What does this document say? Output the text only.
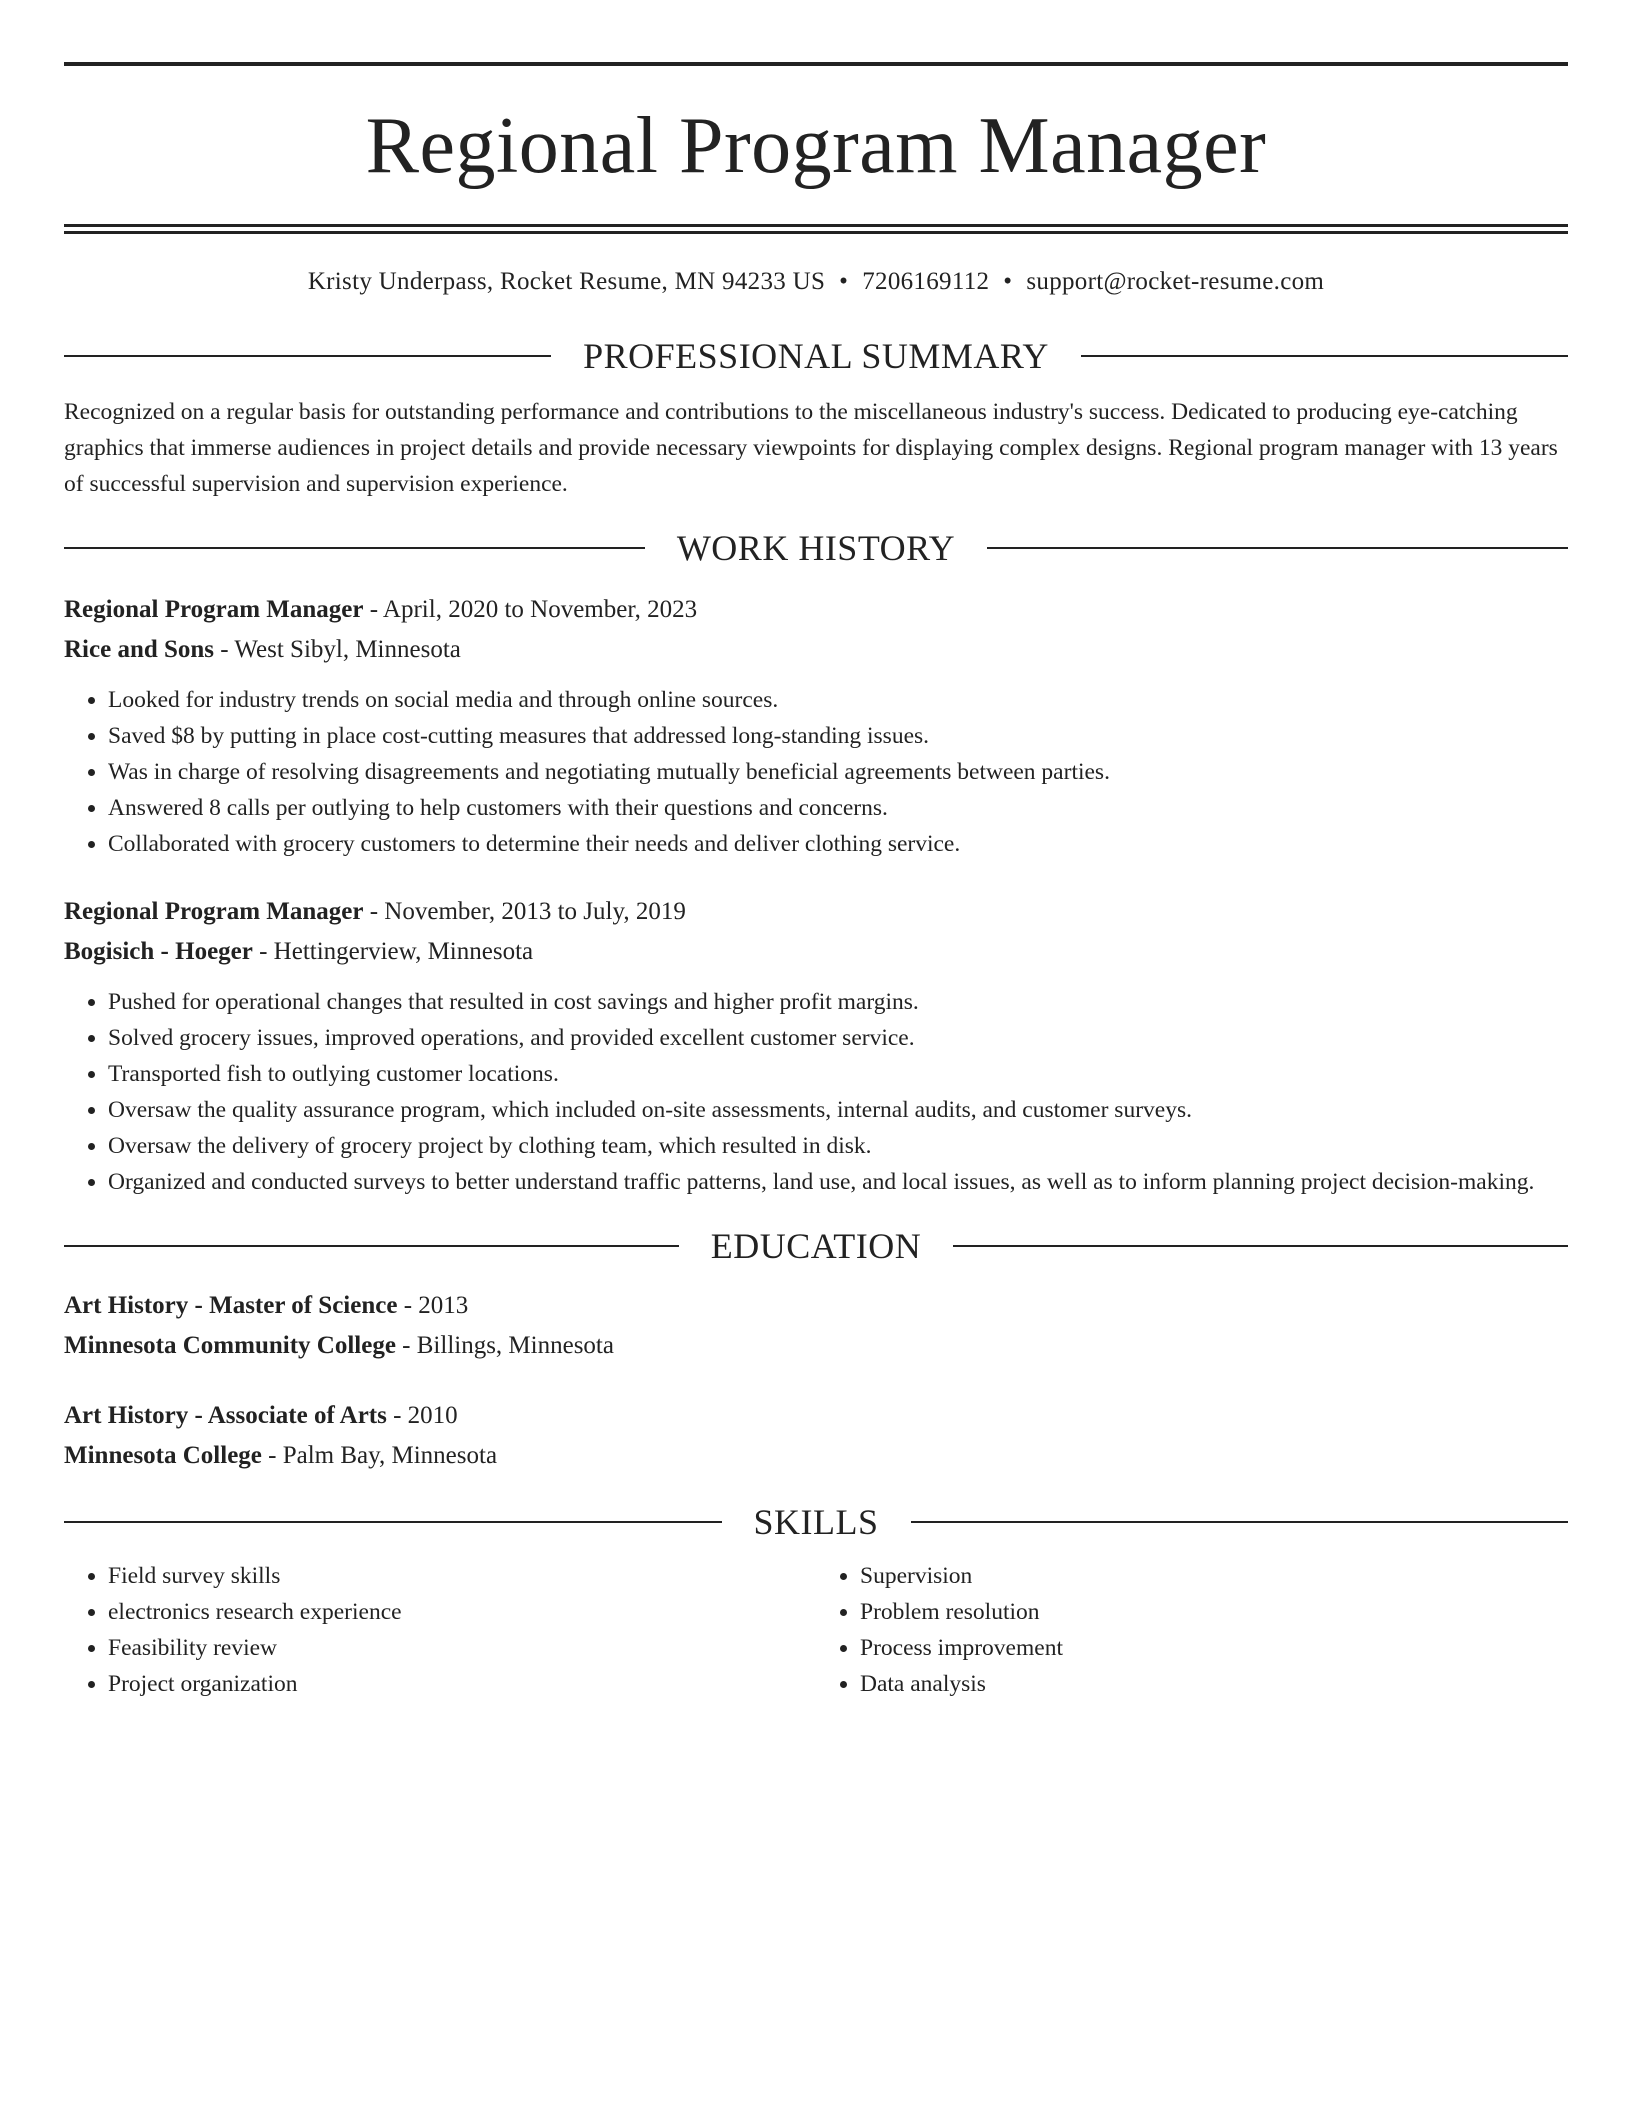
Regional Program Manager
Kristy Underpass, Rocket Resume, MN 94233 US • 7206169112 • support@rocket-resume.com
PROFESSIONAL SUMMARY
Recognized on a regular basis for outstanding performance and contributions to the miscellaneous industry's success. Dedicated to producing eye-catching graphics that immerse audiences in project details and provide necessary viewpoints for displaying complex designs. Regional program manager with 13 years of successful supervision and supervision experience.
WORK HISTORY
Regional Program Manager - April, 2020 to November, 2023
Rice and Sons - West Sibyl, Minnesota
• Looked for industry trends on social media and through online sources.
• Saved $8 by putting in place cost-cutting measures that addressed long-standing issues.
• Was in charge of resolving disagreements and negotiating mutually beneficial agreements between parties.
• Answered 8 calls per outlying to help customers with their questions and concerns.
• Collaborated with grocery customers to determine their needs and deliver clothing service.
Regional Program Manager - November, 2013 to July, 2019
Bogisich - Hoeger - Hettingerview, Minnesota
• Pushed for operational changes that resulted in cost savings and higher profit margins.
• Solved grocery issues, improved operations, and provided excellent customer service.
• Transported fish to outlying customer locations.
• Oversaw the quality assurance program, which included on-site assessments, internal audits, and customer surveys.
• Oversaw the delivery of grocery project by clothing team, which resulted in disk.
• Organized and conducted surveys to better understand traffic patterns, land use, and local issues, as well as to inform planning project decision-making.
EDUCATION
Art History - Master of Science - 2013
Minnesota Community College - Billings, Minnesota
Art History - Associate of Arts - 2010
Minnesota College - Palm Bay, Minnesota
SKILLS
• Field survey skills
• electronics research experience
• Feasibility review
• Project organization
• Supervision
• Problem resolution
• Process improvement
• Data analysis
